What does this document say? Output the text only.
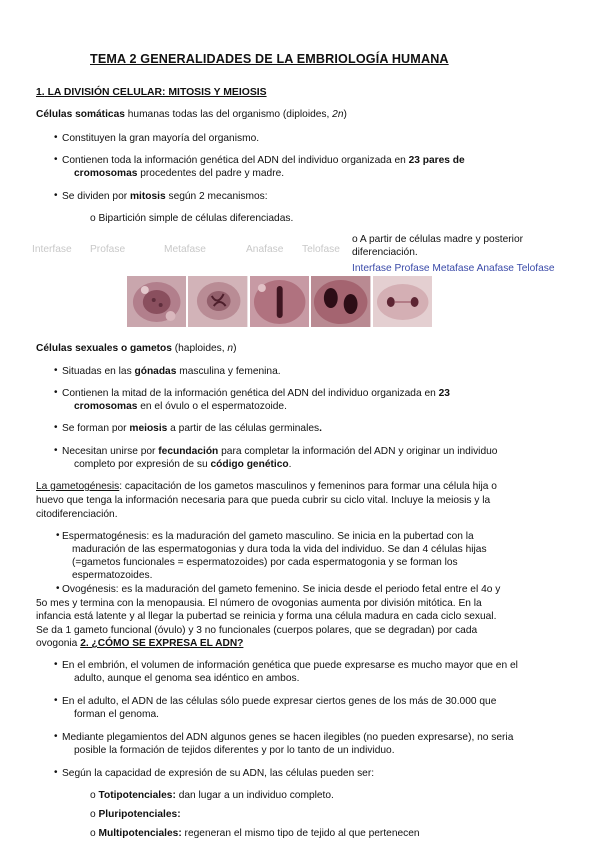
TEMA 2 GENERALIDADES DE LA EMBRIOLOGÍA HUMANA
1. LA DIVISIÓN CELULAR: MITOSIS Y MEIOSIS
Células somáticas humanas todas las del organismo (diploides, 2n)
• Constituyen la gran mayoría del organismo.
• Contienen toda la información genética del ADN del individuo organizada en 23 pares de
cromosomas procedentes del padre y madre.
• Se dividen por mitosis según 2 mecanismos:
o Bipartición simple de células diferenciadas.
Interfase Profase	Metafase	Anafase Telofase
o A partir de células madre y posterior
diferenciación.
Interfase Profase Metafase Anafase Telofase
Células sexuales o gametos (haploides, n)
• Situadas en las gónadas masculina y femenina.
• Contienen la mitad de la información genética del ADN del individuo organizada en 23
cromosomas en el óvulo o el espermatozoide.
• Se forman por meiosis a partir de las células germinales.
• Necesitan unirse por fecundación para completar la información del ADN y originar un individuo
completo por expresión de su código genético.
La gametogénesis: capacitación de los gametos masculinos y femeninos para formar una célula hija o
huevo que tenga la información necesaria para que pueda cubrir su ciclo vital. Incluye la meiosis y la
citodiferenciación.
• Espermatogénesis: es la maduración del gameto masculino. Se inicia en la pubertad con la
maduración de las espermatogonias y dura toda la vida del individuo. Se dan 4 células hijas
(=gametos funcionales = espermatozoides) por cada espermatogonia y se forman los
espermatozoides.
• Ovogénesis: es la maduración del gameto femenino. Se inicia desde el periodo fetal entre el 4o y
5o mes y termina con la menopausia. El número de ovogonias aumenta por división mitótica. En la
infancia está latente y al llegar la pubertad se reinicia y forma una célula madura en cada ciclo sexual.
Se da 1 gameto funcional (óvulo) y 3 no funcionales (cuerpos polares, que se degradan) por cada
ovogonia 2. ¿CÓMO SE EXPRESA EL ADN?
• En el embrión, el volumen de información genética que puede expresarse es mucho mayor que en el
adulto, aunque el genoma sea idéntico en ambos.
• En el adulto, el ADN de las células sólo puede expresar ciertos genes de los más de 30.000 que
forman el genoma.
• Mediante plegamientos del ADN algunos genes se hacen ilegibles (no pueden expresarse), no seria
posible la formación de tejidos diferentes y por lo tanto de un individuo.
• Según la capacidad de expresión de su ADN, las células pueden ser:
o Totipotenciales: dan lugar a un individuo completo.
o Pluripotenciales:
o Multipotenciales: regeneran el mismo tipo de tejido al que pertenecen
